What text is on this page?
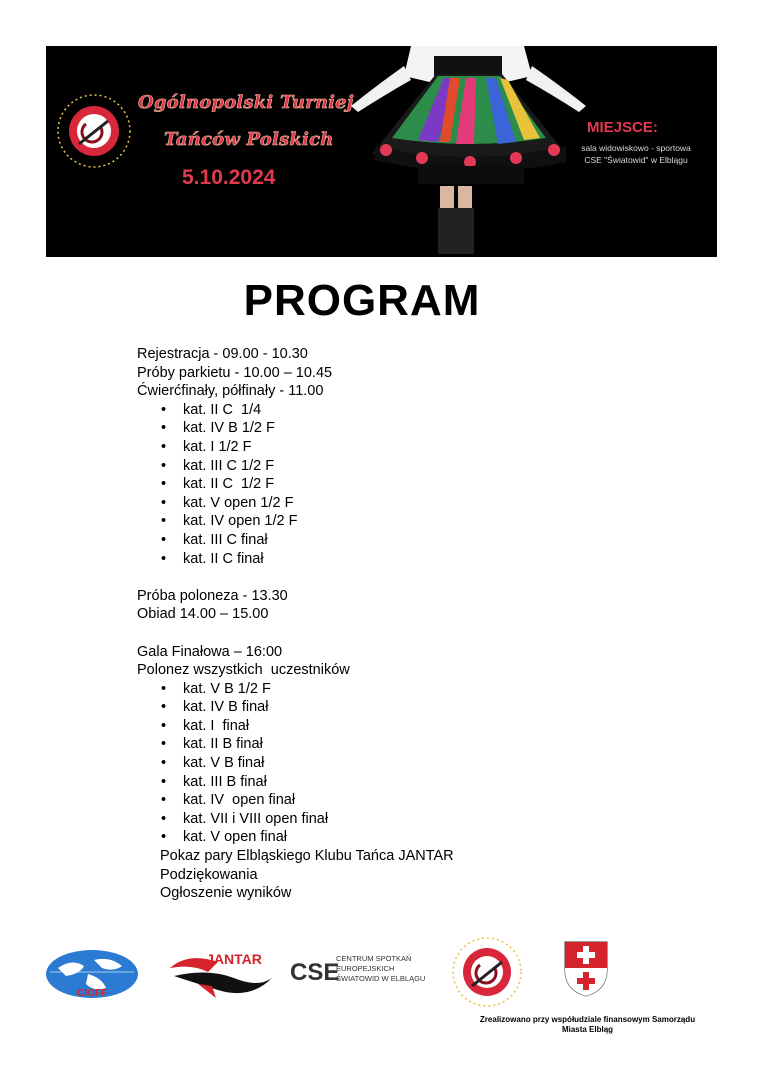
Ogólnopolski Turniej
Tańców Polskich
5.10.2024
MIEJSCE:
sala widowiskowo - sportowa
CSE "Światowid" w Elblągu
PROGRAM
Rejestracja - 09.00 - 10.30
Próby parkietu - 10.00 – 10.45
Ćwierćfinały, półfinały - 11.00
• kat. II C  1/4
• kat. IV B 1/2 F
• kat. I 1/2 F
• kat. III C 1/2 F
• kat. II C  1/2 F
• kat. V open 1/2 F
• kat. IV open 1/2 F
• kat. III C finał
• kat. II C finał
Próba poloneza - 13.30
Obiad 14.00 – 15.00
Gala Finałowa – 16:00
Polonez wszystkich  uczestników
• kat. V B 1/2 F
• kat. IV B finał
• kat. I  finał
• kat. II B finał
• kat. V B finał
• kat. III B finał
• kat. IV  open finał
• kat. VII i VIII open finał
• kat. V open finał
Pokaz pary Elbląskiego Klubu Tańca JANTAR
Podziękowania
Ogłoszenie wyników
CIOFF
JANTAR CSE
CENTRUM SPOTKAŃ
EUROPEJSKICH
ŚWIATOWID W ELBLĄGU
Zrealizowano przy współudziale finansowym Samorządu
Miasta Elbląg
